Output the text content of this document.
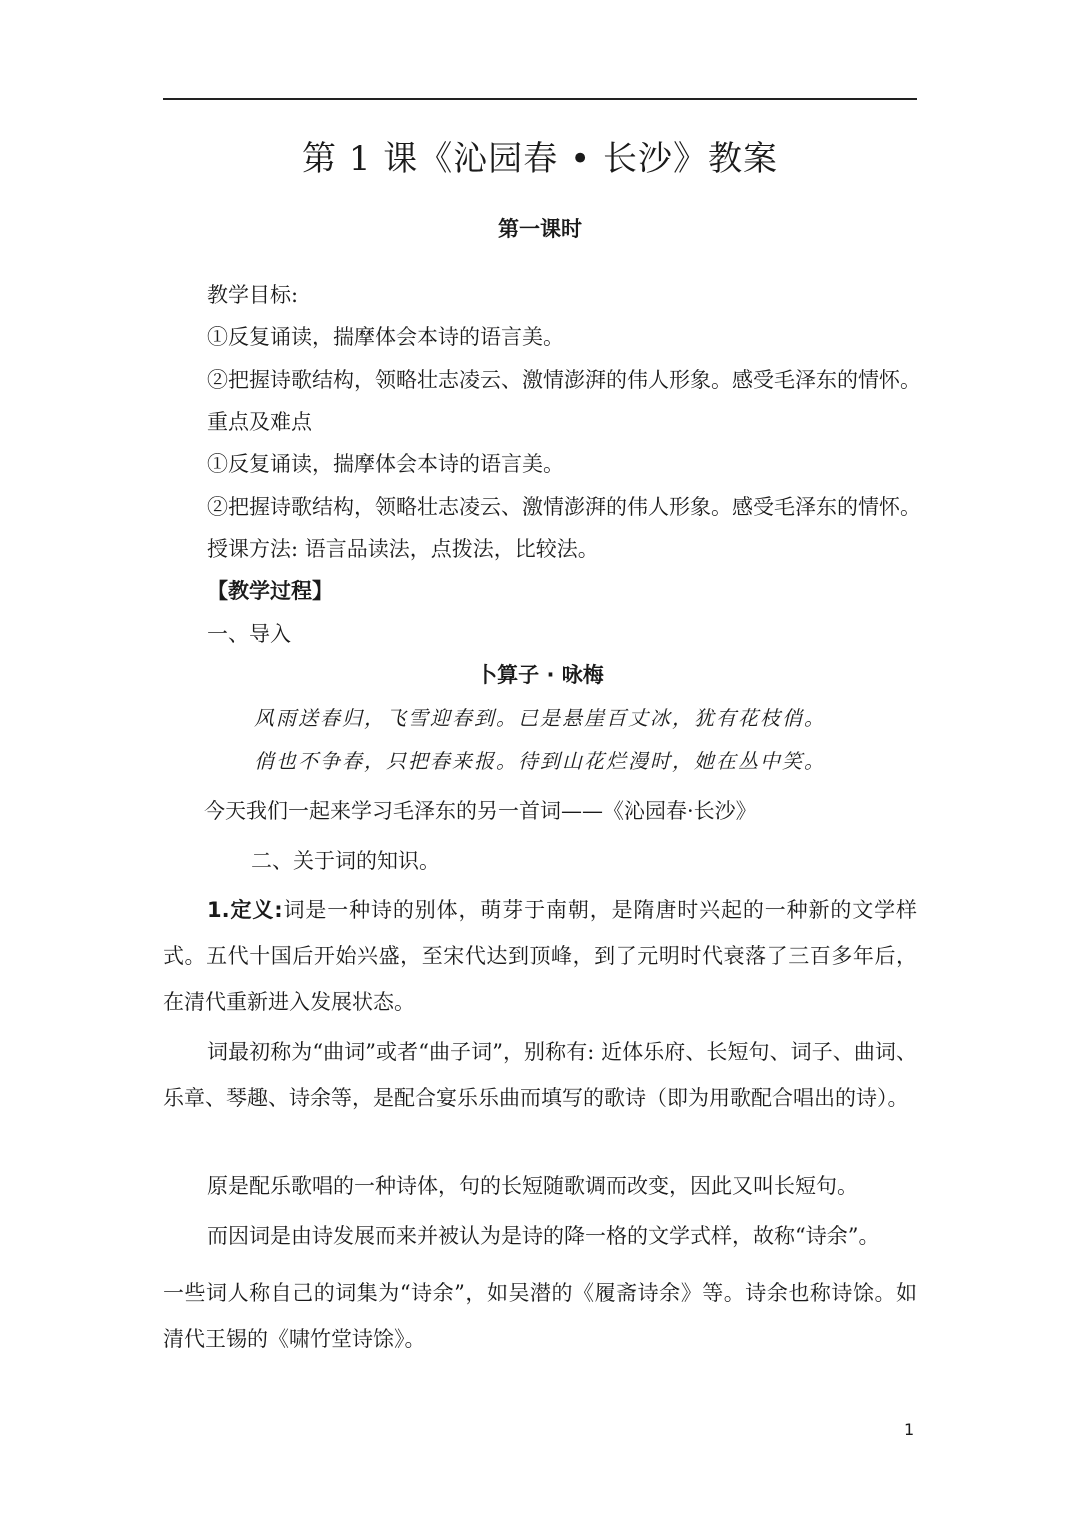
第 1 课《沁园春 • 长沙》教案
第一课时
教学目标:
①反复诵读，揣摩体会本诗的语言美。
②把握诗歌结构，领略壮志凌云、激情澎湃的伟人形象。感受毛泽东的情怀。
重点及难点
①反复诵读，揣摩体会本诗的语言美。
②把握诗歌结构，领略壮志凌云、激情澎湃的伟人形象。感受毛泽东的情怀。
授课方法: 语言品读法，点拨法，比较法。
【教学过程】
一、导入
卜算子 · 咏梅
风雨送春归，飞雪迎春到。已是悬崖百丈冰，犹有花枝俏。
俏也不争春，只把春来报。待到山花烂漫时，她在丛中笑。
今天我们一起来学习毛泽东的另一首词——《沁园春·长沙》
二、关于词的知识。
1.定义:词是一种诗的别体，萌芽于南朝，是隋唐时兴起的一种新的文学样式。五代十国后开始兴盛，至宋代达到顶峰，到了元明时代衰落了三百多年后，在清代重新进入发展状态。
词最初称为“曲词”或者“曲子词”，别称有: 近体乐府、长短句、词子、曲词、乐章、琴趣、诗余等，是配合宴乐乐曲而填写的歌诗（即为用歌配合唱出的诗）。
原是配乐歌唱的一种诗体，句的长短随歌调而改变，因此又叫长短句。
而因词是由诗发展而来并被认为是诗的降一格的文学式样，故称“诗余”。
一些词人称自己的词集为“诗余”，如吴潜的《履斋诗余》等。诗余也称诗馀。如清代王锡的《啸竹堂诗馀》。
1
